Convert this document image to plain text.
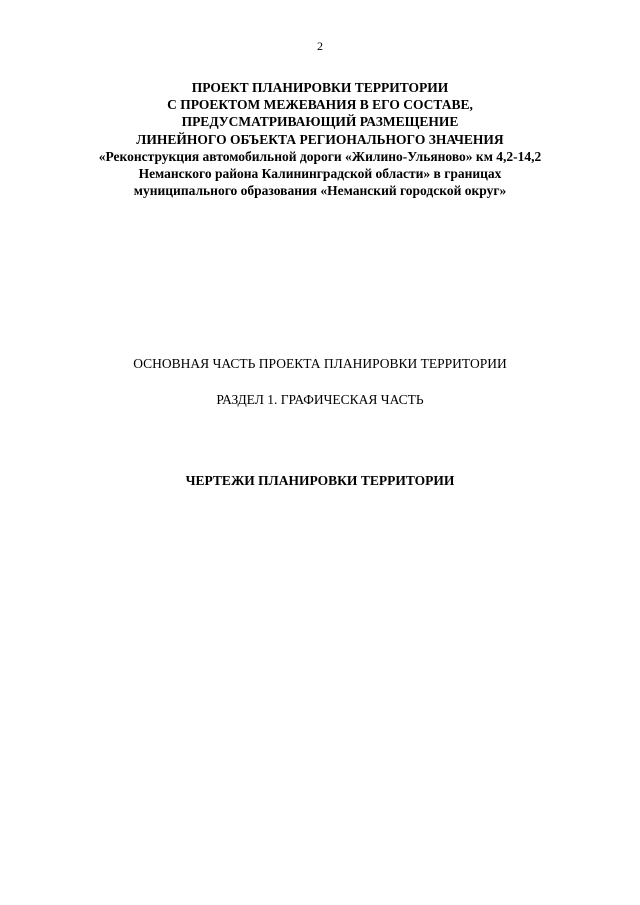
2
ПРОЕКТ ПЛАНИРОВКИ ТЕРРИТОРИИ
С ПРОЕКТОМ МЕЖЕВАНИЯ В ЕГО СОСТАВЕ,
ПРЕДУСМАТРИВАЮЩИЙ РАЗМЕЩЕНИЕ
ЛИНЕЙНОГО ОБЪЕКТА РЕГИОНАЛЬНОГО ЗНАЧЕНИЯ
«Реконструкция автомобильной дороги «Жилино-Ульяново» км 4,2-14,2
Неманского района Калининградской области» в границах
муниципального образования «Неманский городской округ»
ОСНОВНАЯ ЧАСТЬ ПРОЕКТА ПЛАНИРОВКИ ТЕРРИТОРИИ
РАЗДЕЛ 1. ГРАФИЧЕСКАЯ ЧАСТЬ
ЧЕРТЕЖИ ПЛАНИРОВКИ ТЕРРИТОРИИ
